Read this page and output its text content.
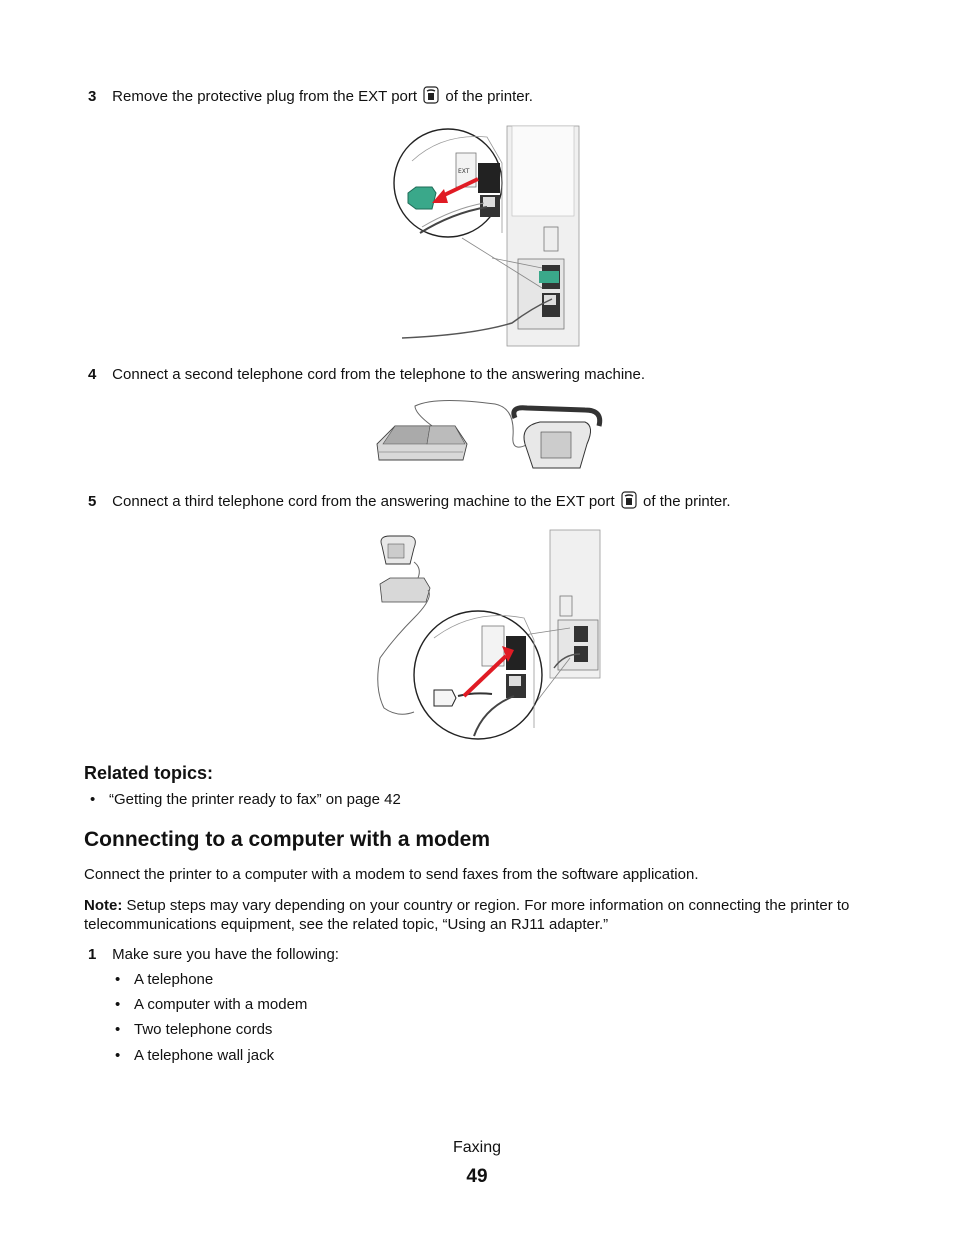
3 Remove the protective plug from the EXT port of the printer.
EXT
4 Connect a second telephone cord from the telephone to the answering machine.
5 Connect a third telephone cord from the answering machine to the EXT port of the printer.
Related topics:
• “Getting the printer ready to fax” on page 42
Connecting to a computer with a modem
Connect the printer to a computer with a modem to send faxes from the software application.
Note: Setup steps may vary depending on your country or region. For more information on connecting the printer to telecommunications equipment, see the related topic, “Using an RJ11 adapter.”
1 Make sure you have the following:
• A telephone
• A computer with a modem
• Two telephone cords
• A telephone wall jack
Faxing
49
